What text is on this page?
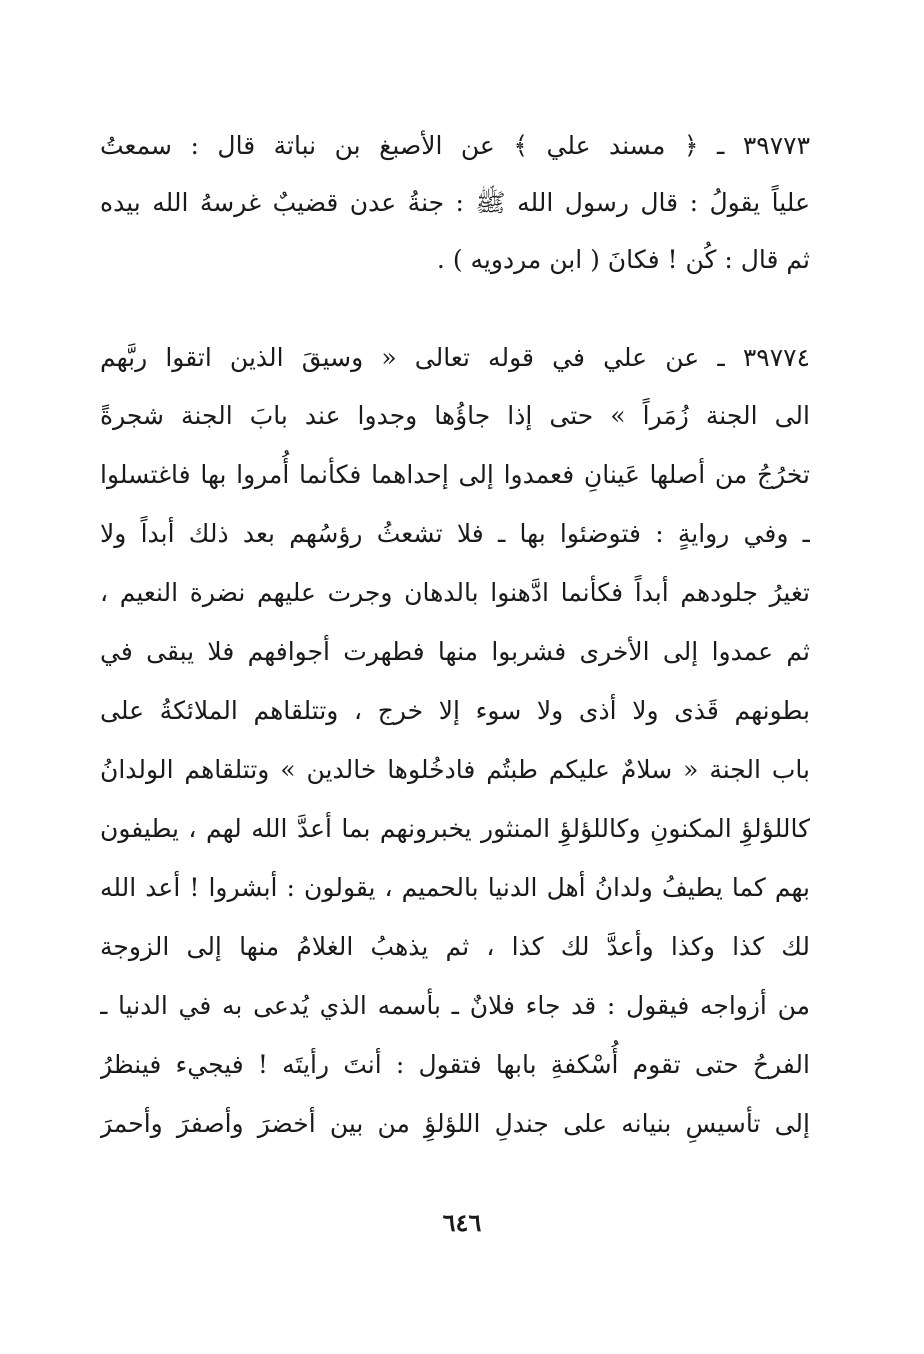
٣٩٧٧٣ ـ ﴿ مسند علي ﴾ عن الأصبغ بن نباتة قال : سمعتُ
علياً يقولُ : قال رسول الله ﷺ : جنةُ عدن قضيبٌ غرسهُ الله بيده
ثم قال : كُن ! فكانَ ( ابن مردويه ) .
٣٩٧٧٤ ـ عن علي في قوله تعالى « وسيقَ الذين اتقوا ربَّهم
الى الجنة زُمَراً » حتى إذا جاؤُها وجدوا عند بابَ الجنة شجرةً
تخرُجُ من أصلها عَينانِ فعمدوا إلى إحداهما فكأنما أُمروا بها فاغتسلوا
ـ وفي روايةٍ : فتوضئوا بها ـ فلا تشعثُ رؤسُهم بعد ذلك أبداً ولا
تغيرُ جلودهم أبداً فكأنما ادَّهنوا بالدهان وجرت عليهم نضرة النعيم ،
ثم عمدوا إلى الأخرى فشربوا منها فطهرت أجوافهم فلا يبقى في
بطونهم قَذى ولا أذى ولا سوء إلا خرج ، وتتلقاهم الملائكةُ على
باب الجنة « سلامٌ عليكم طبتُم فادخُلوها خالدين » وتتلقاهم الولدانُ
كاللؤلؤِ المكنونِ وكاللؤلؤِ المنثور يخبرونهم بما أعدَّ الله لهم ، يطيفون
بهم كما يطيفُ ولدانُ أهل الدنيا بالحميم ، يقولون : أبشروا ! أعد الله
لك كذا وكذا وأعدَّ لك كذا ، ثم يذهبُ الغلامُ منها إلى الزوجة
من أزواجه فيقول : قد جاء فلانٌ ـ بأسمه الذي يُدعى به في الدنيا ـ
الفرحُ حتى تقوم أُسْكفةِ بابها فتقول : أنتَ رأيتَه ! فيجيء فينظرُ
إلى تأسيسِ بنيانه على جندلِ اللؤلؤِ من بين أخضرَ وأصفرَ وأحمرَ
٦٤٦
